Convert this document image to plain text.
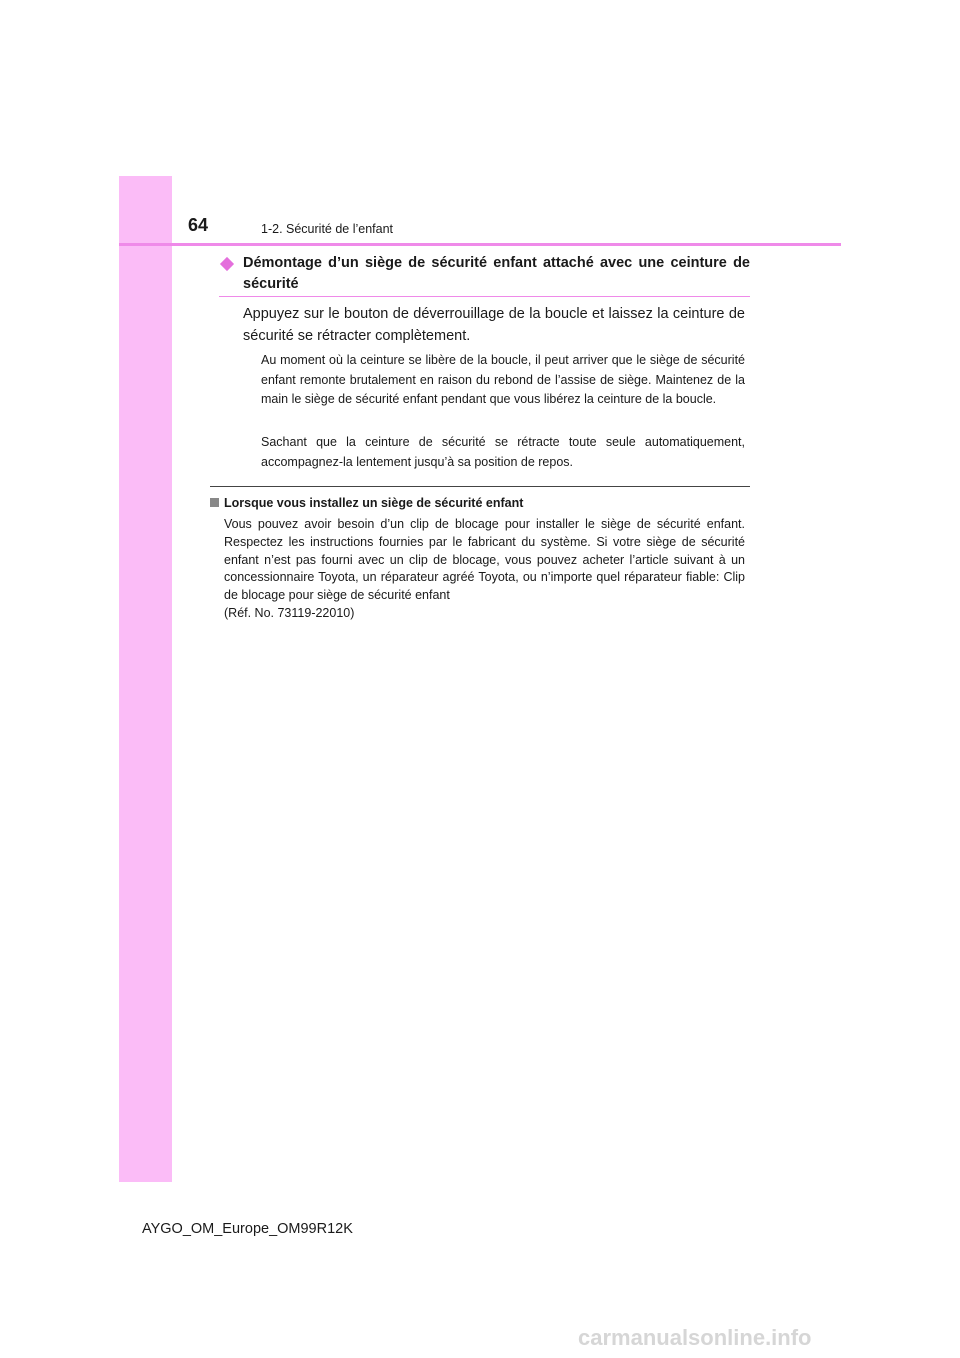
64	1-2. Sécurité de l’enfant
Démontage d’un siège de sécurité enfant attaché avec une ceinture de sécurité
Appuyez sur le bouton de déverrouillage de la boucle et laissez la ceinture de sécurité se rétracter complètement.
Au moment où la ceinture se libère de la boucle, il peut arriver que le siège de sécurité enfant remonte brutalement en raison du rebond de l’assise de siège. Maintenez de la main le siège de sécurité enfant pendant que vous libérez la ceinture de la boucle.
Sachant que la ceinture de sécurité se rétracte toute seule automatiquement, accompagnez-la lentement jusqu’à sa position de repos.
Lorsque vous installez un siège de sécurité enfant
Vous pouvez avoir besoin d’un clip de blocage pour installer le siège de sécurité enfant. Respectez les instructions fournies par le fabricant du système. Si votre siège de sécurité enfant n’est pas fourni avec un clip de blocage, vous pouvez acheter l’article suivant à un concessionnaire Toyota, un réparateur agréé Toyota, ou n’importe quel réparateur fiable: Clip de blocage pour siège de sécurité enfant
(Réf. No. 73119-22010)
AYGO_OM_Europe_OM99R12K
carmanualsonline.info
